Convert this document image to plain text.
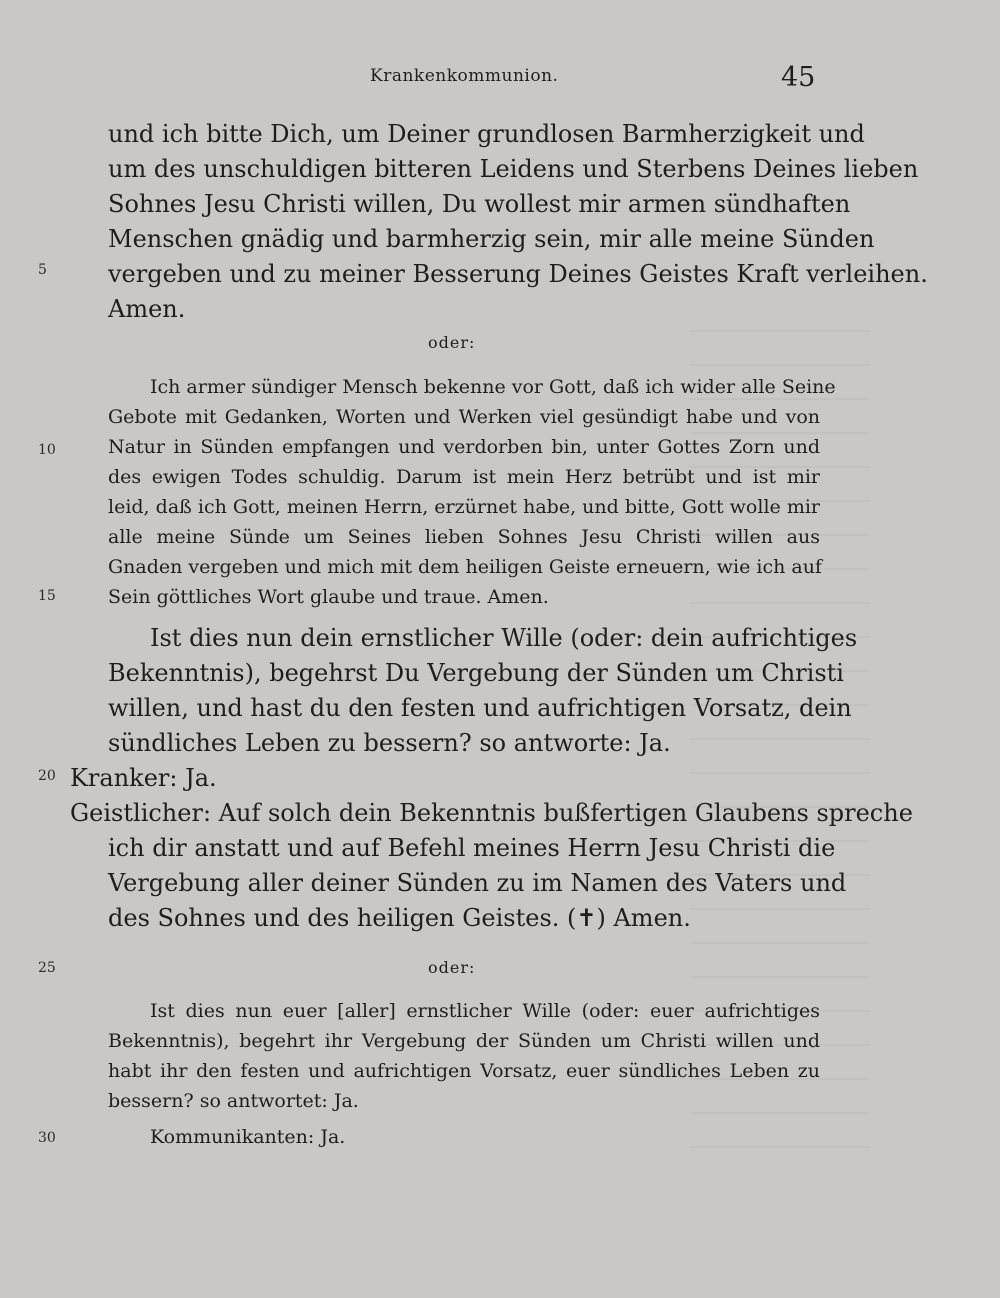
Krankenkommunion.	45
5
10
15
20
25
30
und ich bitte Dich, um Deiner grundlosen Barmherzigkeit und
um des unschuldigen bitteren Leidens und Sterbens Deines lieben
Sohnes Jesu Christi willen, Du wollest mir armen sündhaften
Menschen gnädig und barmherzig sein, mir alle meine Sünden
vergeben und zu meiner Besserung Deines Geistes Kraft verleihen.
Amen.
oder:
Ich armer sündiger Mensch bekenne vor Gott, daß ich wider alle Seine
Gebote mit Gedanken, Worten und Werken viel gesündigt habe und von
Natur in Sünden empfangen und verdorben bin, unter Gottes Zorn und
des ewigen Todes schuldig. Darum ist mein Herz betrübt und ist mir
leid, daß ich Gott, meinen Herrn, erzürnet habe, und bitte, Gott wolle mir
alle meine Sünde um Seines lieben Sohnes Jesu Christi willen aus
Gnaden vergeben und mich mit dem heiligen Geiste erneuern, wie ich auf
Sein göttliches Wort glaube und traue. Amen.
Ist dies nun dein ernstlicher Wille (oder: dein aufrichtiges
Bekenntnis), begehrst Du Vergebung der Sünden um Christi
willen, und hast du den festen und aufrichtigen Vorsatz, dein
sündliches Leben zu bessern? so antworte: Ja.
Kranker: Ja.
Geistlicher: Auf solch dein Bekenntnis bußfertigen Glaubens spreche
ich dir anstatt und auf Befehl meines Herrn Jesu Christi die
Vergebung aller deiner Sünden zu im Namen des Vaters und
des Sohnes und des heiligen Geistes. (✝) Amen.
oder:
Ist dies nun euer [aller] ernstlicher Wille (oder: euer aufrichtiges
Bekenntnis), begehrt ihr Vergebung der Sünden um Christi willen und
habt ihr den festen und aufrichtigen Vorsatz, euer sündliches Leben zu
bessern? so antwortet: Ja.
Kommunikanten: Ja.
